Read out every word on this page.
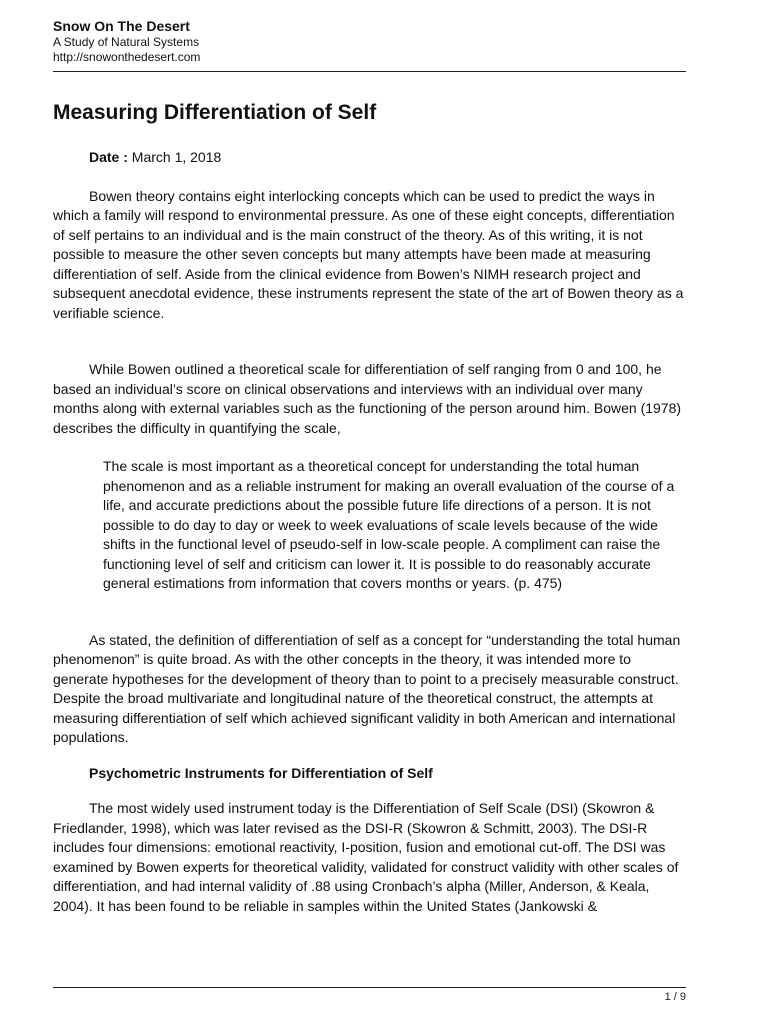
Snow On The Desert
A Study of Natural Systems
http://snowonthedesert.com
Measuring Differentiation of Self

Date : March 1, 2018

Bowen theory contains eight interlocking concepts which can be used to predict the ways in which a family will respond to environmental pressure. As one of these eight concepts, differentiation of self pertains to an individual and is the main construct of the theory. As of this writing, it is not possible to measure the other seven concepts but many attempts have been made at measuring differentiation of self. Aside from the clinical evidence from Bowen’s NIMH research project and subsequent anecdotal evidence, these instruments represent the state of the art of Bowen theory as a verifiable science.

While Bowen outlined a theoretical scale for differentiation of self ranging from 0 and 100, he based an individual’s score on clinical observations and interviews with an individual over many months along with external variables such as the functioning of the person around him. Bowen (1978) describes the difficulty in quantifying the scale,

The scale is most important as a theoretical concept for understanding the total human phenomenon and as a reliable instrument for making an overall evaluation of the course of a life, and accurate predictions about the possible future life directions of a person. It is not possible to do day to day or week to week evaluations of scale levels because of the wide shifts in the functional level of pseudo-self in low-scale people. A compliment can raise the functioning level of self and criticism can lower it. It is possible to do reasonably accurate general estimations from information that covers months or years. (p. 475)

As stated, the definition of differentiation of self as a concept for “understanding the total human phenomenon” is quite broad. As with the other concepts in the theory, it was intended more to generate hypotheses for the development of theory than to point to a precisely measurable construct. Despite the broad multivariate and longitudinal nature of the theoretical construct, the attempts at measuring differentiation of self which achieved significant validity in both American and international populations.

Psychometric Instruments for Differentiation of Self

The most widely used instrument today is the Differentiation of Self Scale (DSI) (Skowron & Friedlander, 1998), which was later revised as the DSI-R (Skowron & Schmitt, 2003). The DSI-R includes four dimensions: emotional reactivity, I-position, fusion and emotional cut-off. The DSI was examined by Bowen experts for theoretical validity, validated for construct validity with other scales of differentiation, and had internal validity of .88 using Cronbach’s alpha (Miller, Anderson, & Keala, 2004). It has been found to be reliable in samples within the United States (Jankowski &

1 / 9
